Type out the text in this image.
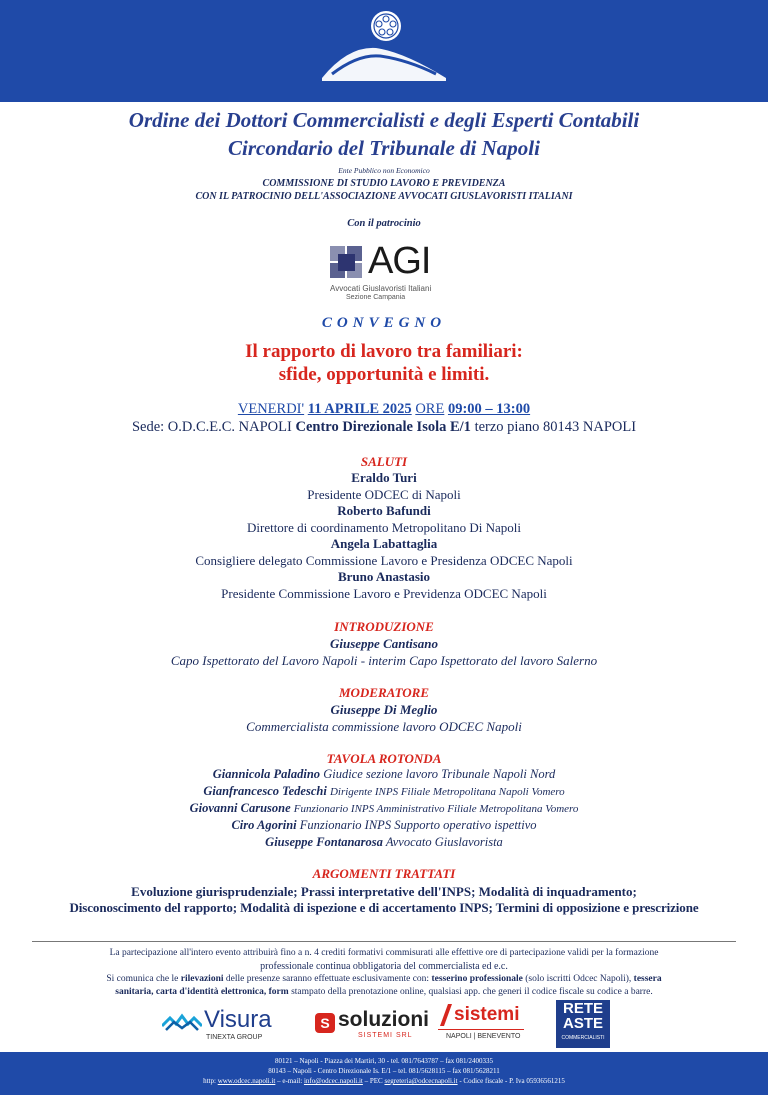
Ordine dei Dottori Commercialisti e degli Esperti Contabili
Circondario del Tribunale di Napoli
Ente Pubblico non Economico
COMMISSIONE DI STUDIO LAVORO E PREVIDENZA
CON IL PATROCINIO DELL'ASSOCIAZIONE AVVOCATI GIUSLAVORISTI ITALIANI
Con il patrocinio
AGI
Avvocati Giuslavoristi Italiani
Sezione Campania
CONVEGNO
Il rapporto di lavoro tra familiari:
sfide, opportunità e limiti.
VENERDI' 11 APRILE 2025 ORE 09:00 – 13:00
Sede: O.D.C.E.C. NAPOLI Centro Direzionale Isola E/1 terzo piano 80143 NAPOLI
SALUTI
Eraldo Turi
Presidente ODCEC di Napoli
Roberto Bafundi
Direttore di coordinamento Metropolitano Di Napoli
Angela Labattaglia
Consigliere delegato Commissione Lavoro e Presidenza ODCEC Napoli
Bruno Anastasio
Presidente Commissione Lavoro e Previdenza ODCEC Napoli
INTRODUZIONE
Giuseppe Cantisano
Capo Ispettorato del Lavoro Napoli - interim Capo Ispettorato del lavoro Salerno
MODERATORE
Giuseppe Di Meglio
Commercialista commissione lavoro ODCEC Napoli
TAVOLA ROTONDA
Giannicola Paladino Giudice sezione lavoro Tribunale Napoli Nord
Gianfrancesco Tedeschi Dirigente INPS Filiale Metropolitana Napoli Vomero
Giovanni Carusone Funzionario INPS Amministrativo Filiale Metropolitana Vomero
Ciro Agorini Funzionario INPS Supporto operativo ispettivo
Giuseppe Fontanarosa Avvocato Giuslavorista
ARGOMENTI TRATTATI
Evoluzione giurisprudenziale; Prassi interpretative dell'INPS; Modalità di inquadramento;
Disconoscimento del rapporto; Modalità di ispezione e di accertamento INPS; Termini di opposizione e prescrizione
La partecipazione all'intero evento attribuirà fino a n. 4 crediti formativi commisurati alle effettive ore di partecipazione validi per la formazione
professionale continua obbligatoria del commercialista ed e.c.
Si comunica che le rilevazioni delle presenze saranno effettuate esclusivamente con: tesserino professionale (solo iscritti Odcec Napoli), tessera
sanitaria, carta d'identità elettronica, form stampato della prenotazione online, qualsiasi app. che generi il codice fiscale su codice a barre.
Visura
TINEXTA GROUP
S soluzioni
SISTEMI SRL
sistemi
NAPOLI | BENEVENTO
RETE
ASTE
COMMERCIALISTI
80121 – Napoli - Piazza dei Martiri, 30 - tel. 081/7643787 – fax 081/2400335
80143 – Napoli - Centro Direzionale Is. E/1 – tel. 081/5628115 – fax 081/5628211
http: www.odcec.napoli.it – e-mail: info@odcec.napoli.it – PEC segreteria@odcecnapoli.it - Codice fiscale - P. Iva 05936561215
